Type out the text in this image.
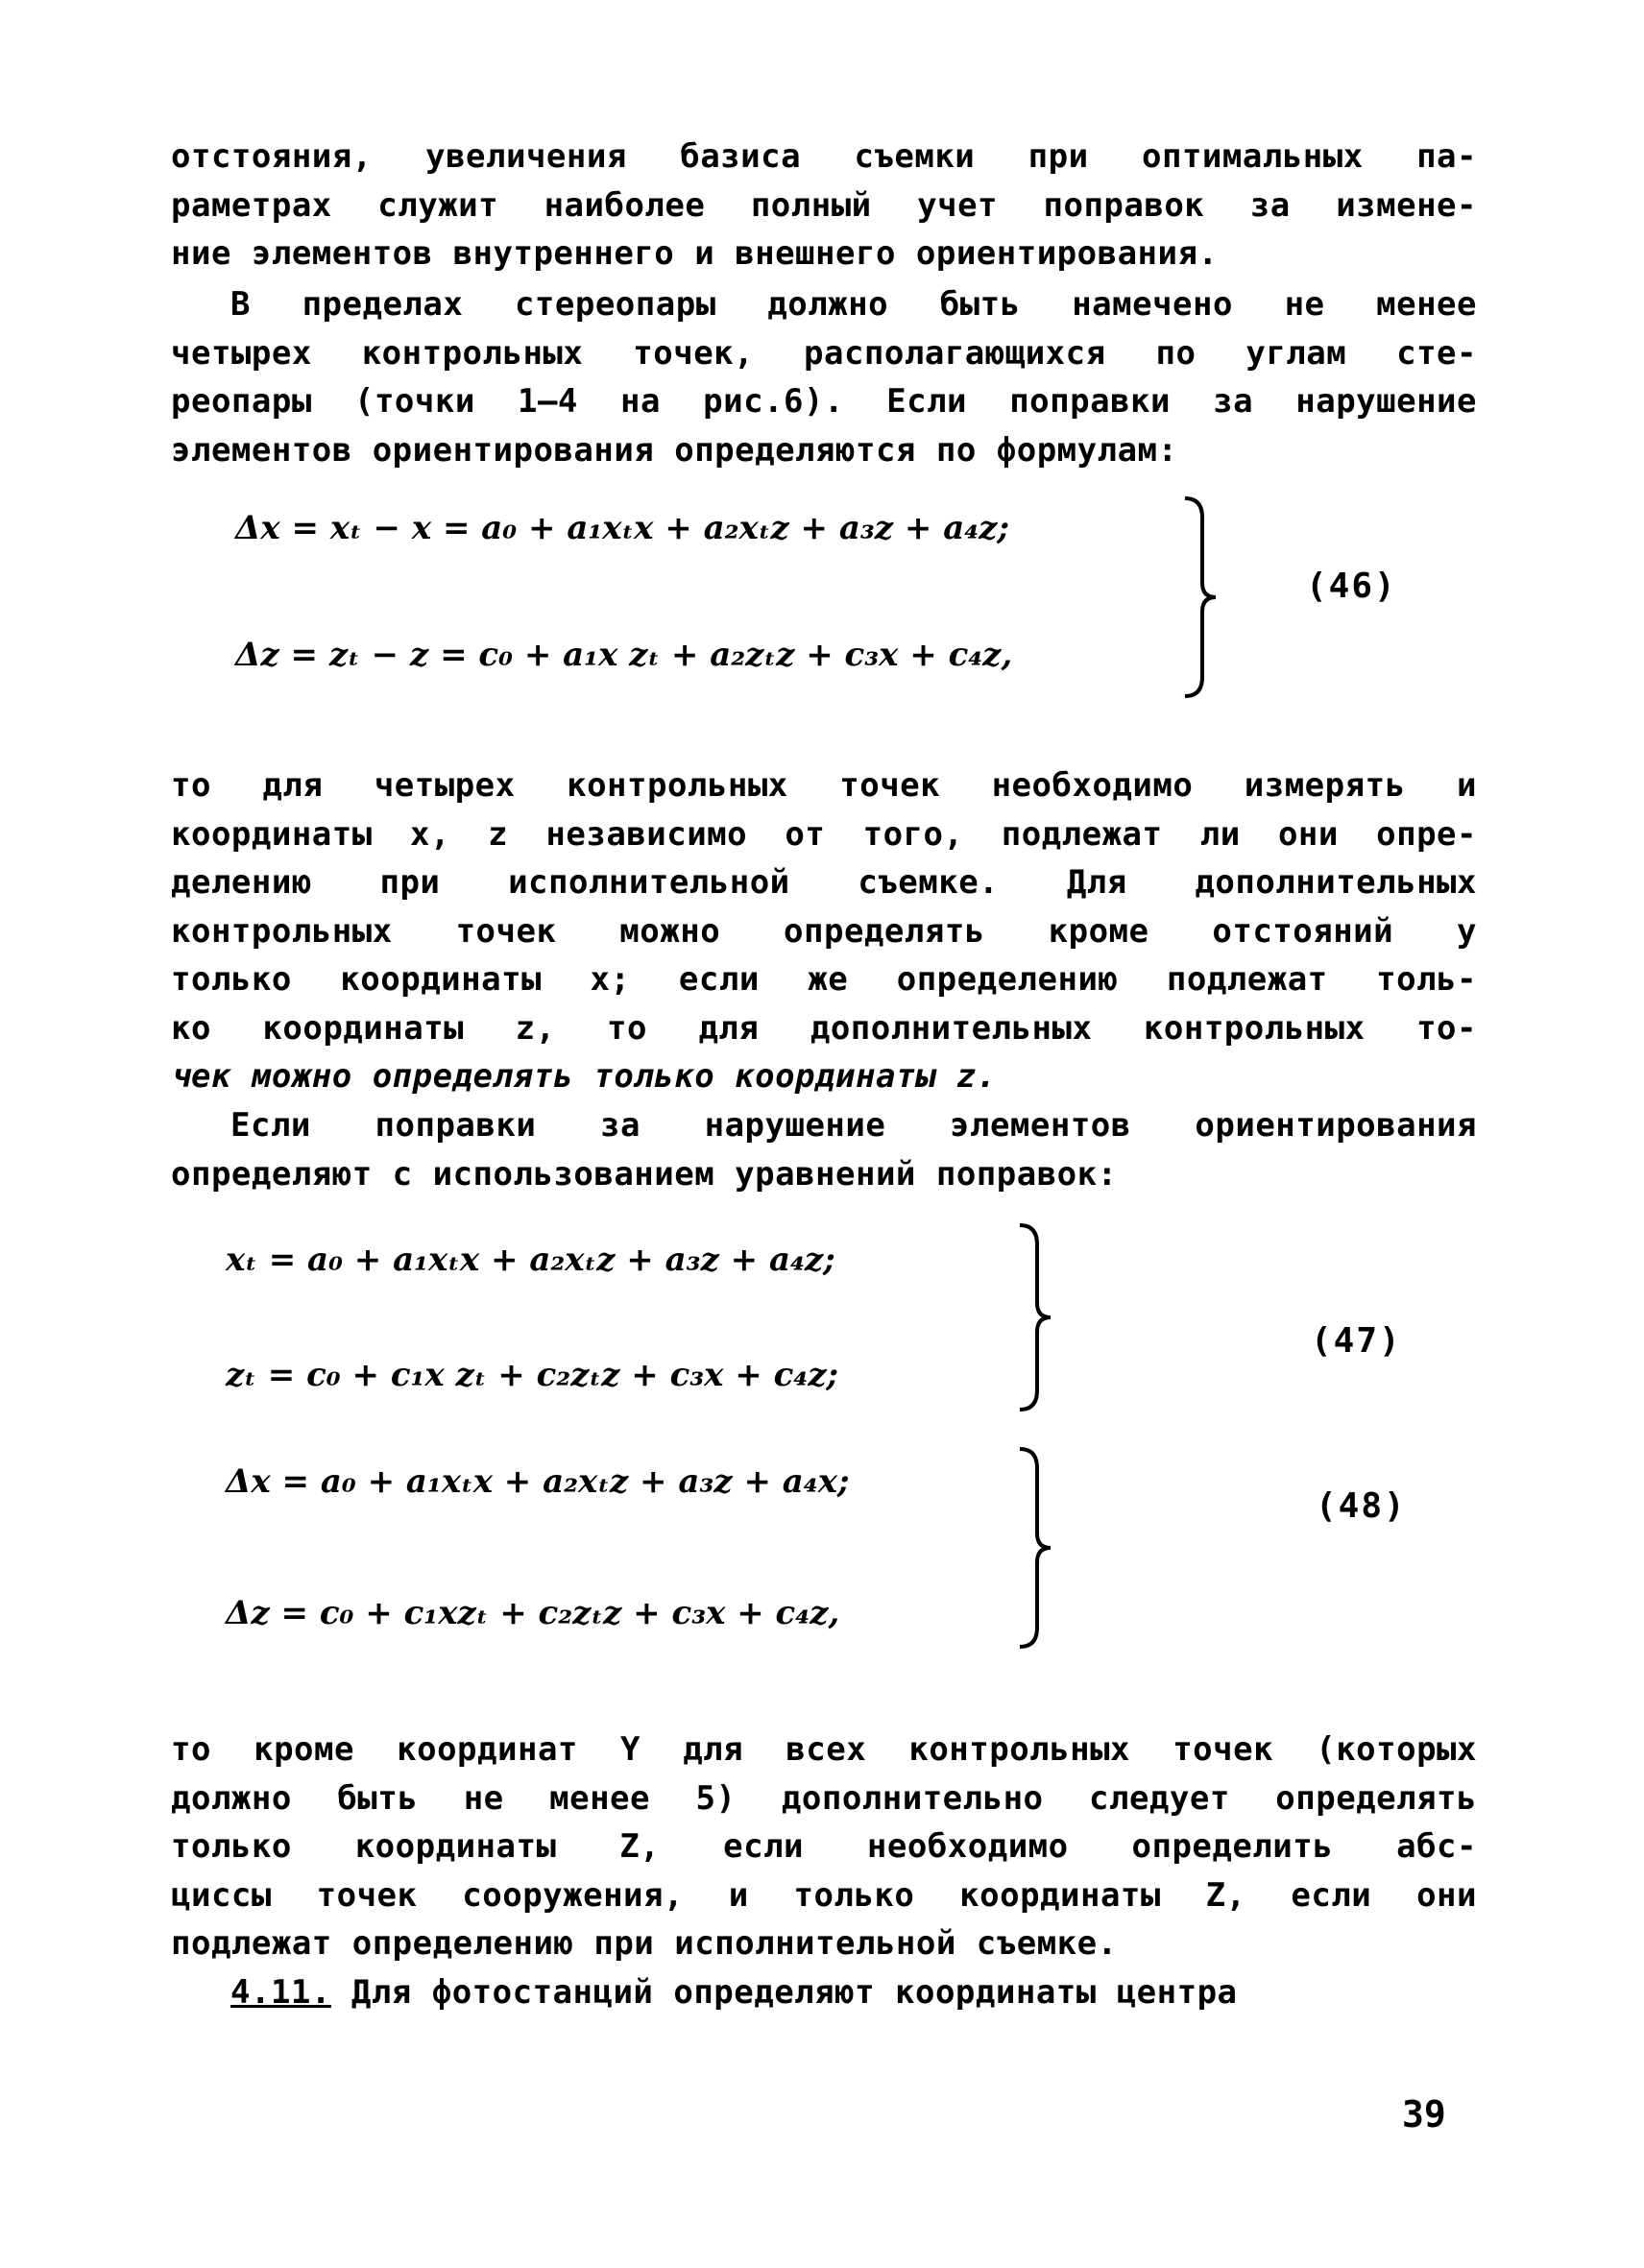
отстояния, увеличения базиса съемки при оптимальных па-
раметрах служит наиболее полный учет поправок за измене-
ние элементов внутреннего и внешнего ориентирования.
В пределах стереопары должно быть намечено не менее
четырех контрольных точек, располагающихся по углам сте-
реопары (точки 1–4 на рис.6). Если поправки за нарушение
элементов ориентирования определяются по формулам:
Δx = xₜ − x = a₀ + a₁xₜx + a₂xₜz + a₃z + a₄z;
Δz = zₜ − z = c₀ + a₁x zₜ + a₂zₜz + c₃x + c₄z,
(46)
то для четырех контрольных точек необходимо измерять и
координаты x, z независимо от того, подлежат ли они опре-
делению при исполнительной съемке. Для дополнительных
контрольных точек можно определять кроме отстояний y
только координаты x; если же определению подлежат толь-
ко координаты z, то для дополнительных контрольных то-
чек можно определять только координаты z.
Если поправки за нарушение элементов ориентирования
определяют с использованием уравнений поправок:
xₜ = a₀ + a₁xₜx + a₂xₜz + a₃z + a₄z;
zₜ = c₀ + c₁x zₜ + c₂zₜz + c₃x + c₄z;
(47)
Δx = a₀ + a₁xₜx + a₂xₜz + a₃z + a₄x;
Δz = c₀ + c₁xzₜ + c₂zₜz + c₃x + c₄z,
(48)
то кроме координат Y для всех контрольных точек (которых
должно быть не менее 5) дополнительно следует определять
только координаты Z, если необходимо определить абс-
циссы точек сооружения, и только координаты Z, если они
подлежат определению при исполнительной съемке.
4.11. Для фотостанций определяют координаты центра
39
